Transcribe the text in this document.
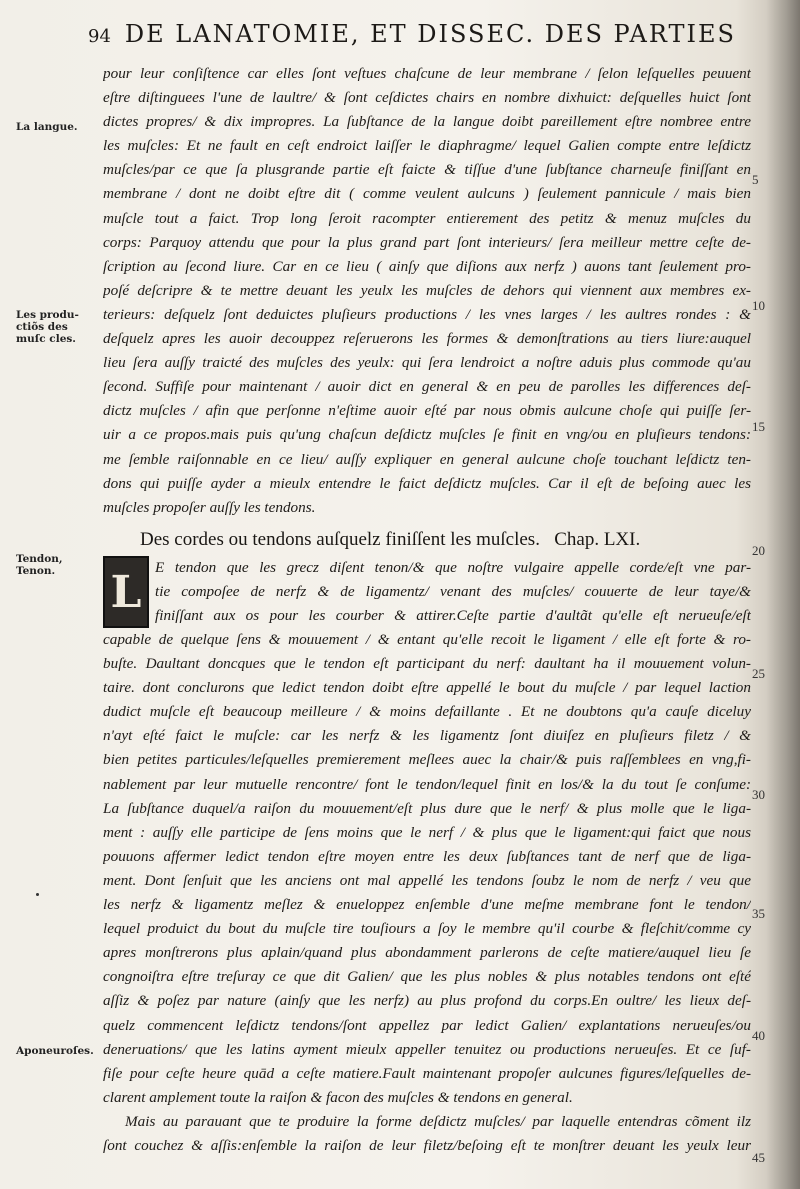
94 DE LANATOMIE, ET DISSEC. DES PARTIES
La langue.
Les produ-ctiõs des muſc cles.
Tendon, Tenon.
Aponeuroſes.
5
10
15
20
25
30
35
40
45
pour leur conſiſtence car elles ſont veſtues chaſcune de leur membrane / ſelon leſquelles peuuent
eſtre diſtinguees l'une de laultre/ & ſont ceſdictes chairs en nombre dixhuict: deſquelles huict ſont
dictes propres/ & dix impropres. La ſubſtance de la langue doibt pareillement eſtre nombree entre
les muſcles: Et ne fault en ceſt endroict laiſſer le diaphragme/ lequel Galien compte entre leſdictz
muſcles/par ce que ſa plusgrande partie eſt faicte & tiſſue d'une ſubſtance charneuſe finiſſant en
membrane / dont ne doibt eſtre dit ( comme veulent aulcuns ) ſeulement pannicule / mais bien
muſcle tout a faict. Trop long ſeroit racompter entierement des petitz & menuz muſcles du
corps: Parquoy attendu que pour la plus grand part ſont interieurs/ ſera meilleur mettre ceſte de-
ſcription au ſecond liure. Car en ce lieu ( ainſy que diſions aux nerfz ) auons tant ſeulement pro-
poſé deſcripre & te mettre deuant les yeulx les muſcles de dehors qui viennent aux membres ex-
terieurs: deſquelz ſont deduictes pluſieurs productions / les vnes larges / les aultres rondes : &
deſquelz apres les auoir decouppez reſeruerons les formes & demonſtrations au tiers liure:auquel
lieu ſera auſſy traicté des muſcles des yeulx: qui ſera lendroict a noſtre aduis plus commode qu'au
ſecond. Suffiſe pour maintenant / auoir dict en general & en peu de parolles les differences deſ-
dictz muſcles / afin que perſonne n'eſtime auoir eſté par nous obmis aulcune choſe qui puiſſe ſer-
uir a ce propos.mais puis qu'ung chaſcun deſdictz muſcles ſe finit en vng/ou en pluſieurs tendons:
me ſemble raiſonnable en ce lieu/ auſſy expliquer en general aulcune choſe touchant leſdictz ten-
dons qui puiſſe ayder a mieulx entendre le faict deſdictz muſcles. Car il eſt de beſoing auec les
muſcles propoſer auſſy les tendons.
Des cordes ou tendons auſquelz finiſſent les muſcles. Chap. LXI.
L E tendon que les grecz diſent tenon/& que noſtre vulgaire appelle corde/eſt vne par-
tie compoſee de nerfz & de ligamentz/ venant des muſcles/ couuerte de leur taye/&
finiſſant aux os pour les courber & attirer.Ceſte partie d'aultãt qu'elle eſt nerueuſe/eſt
capable de quelque ſens & mouuement / & entant qu'elle recoit le ligament / elle eſt forte & ro-
buſte. Daultant doncques que le tendon eſt participant du nerf: daultant ha il mouuement volun-
taire. dont conclurons que ledict tendon doibt eſtre appellé le bout du muſcle / par lequel laction
dudict muſcle eſt beaucoup meilleure / & moins defaillante . Et ne doubtons qu'a cauſe diceluy
n'ayt eſté faict le muſcle: car les nerfz & les ligamentz ſont diuiſez en pluſieurs filetz / &
bien petites particules/leſquelles premierement meſlees auec la chair/& puis raſſemblees en vng,fi-
nablement par leur mutuelle rencontre/ font le tendon/lequel finit en los/& la du tout ſe conſume:
La ſubſtance duquel/a raiſon du mouuement/eſt plus dure que le nerf/ & plus molle que le liga-
ment : auſſy elle participe de ſens moins que le nerf / & plus que le ligament:qui faict que nous
pouuons affermer ledict tendon eſtre moyen entre les deux ſubſtances tant de nerf que de liga-
ment. Dont ſenſuit que les anciens ont mal appellé les tendons ſoubz le nom de nerfz / veu que
les nerfz & ligamentz meſlez & enueloppez enſemble d'une meſme membrane font le tendon/
lequel produict du bout du muſcle tire touſiours a ſoy le membre qu'il courbe & fleſchit/comme cy
apres monſtrerons plus aplain/quand plus abondamment parlerons de ceſte matiere/auquel lieu ſe
congnoiſtra eſtre treſuray ce que dit Galien/ que les plus nobles & plus notables tendons ont eſté
aſſiz & poſez par nature (ainſy que les nerfz) au plus profond du corps.En oultre/ les lieux deſ-
quelz commencent leſdictz tendons/ſont appellez par ledict Galien/ explantations nerueuſes/ou
deneruations/ que les latins ayment mieulx appeller tenuitez ou productions nerueuſes. Et ce ſuf-
fiſe pour ceſte heure quād a ceſte matiere.Fault maintenant propoſer aulcunes figures/leſquelles de-
clarent amplement toute la raiſon & facon des muſcles & tendons en general.
Mais au parauant que te produire la forme deſdictz muſcles/ par laquelle entendras cõment ilz
ſont couchez & aſſis:enſemble la raiſon de leur filetz/beſoing eſt te monſtrer deuant les yeulx leur
